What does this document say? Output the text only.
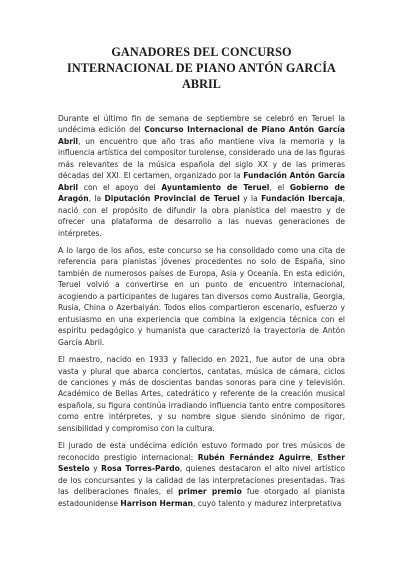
GANADORES DEL CONCURSO INTERNACIONAL DE PIANO ANTÓN GARCÍA ABRIL

Durante el último fin de semana de septiembre se celebró en Teruel la undécima edición del Concurso Internacional de Piano Antón García Abril, un encuentro que año tras año mantiene viva la memoria y la influencia artística del compositor turolense, considerado una de las figuras más relevantes de la música española del siglo XX y de las primeras décadas del XXI. El certamen, organizado por la Fundación Antón García Abril con el apoyo del Ayuntamiento de Teruel, el Gobierno de Aragón, la Diputación Provincial de Teruel y la Fundación Ibercaja, nació con el propósito de difundir la obra pianística del maestro y de ofrecer una plataforma de desarrollo a las nuevas generaciones de intérpretes.

A lo largo de los años, este concurso se ha consolidado como una cita de referencia para pianistas jóvenes procedentes no solo de España, sino también de numerosos países de Europa, Asia y Oceanía. En esta edición, Teruel volvió a convertirse en un punto de encuentro internacional, acogiendo a participantes de lugares tan diversos como Australia, Georgia, Rusia, China o Azerbaiyán. Todos ellos compartieron escenario, esfuerzo y entusiasmo en una experiencia que combina la exigencia técnica con el espíritu pedagógico y humanista que caracterizó la trayectoria de Antón García Abril.

El maestro, nacido en 1933 y fallecido en 2021, fue autor de una obra vasta y plural que abarca conciertos, cantatas, música de cámara, ciclos de canciones y más de doscientas bandas sonoras para cine y televisión. Académico de Bellas Artes, catedrático y referente de la creación musical española, su figura continúa irradiando influencia tanto entre compositores como entre intérpretes, y su nombre sigue siendo sinónimo de rigor, sensibilidad y compromiso con la cultura.

El jurado de esta undécima edición estuvo formado por tres músicos de reconocido prestigio internacional: Rubén Fernández Aguirre, Esther Sestelo y Rosa Torres-Pardo, quienes destacaron el alto nivel artístico de los concursantes y la calidad de las interpretaciones presentadas. Tras las deliberaciones finales, el primer premio fue otorgado al pianista estadounidense Harrison Herman, cuyo talento y madurez interpretativa
